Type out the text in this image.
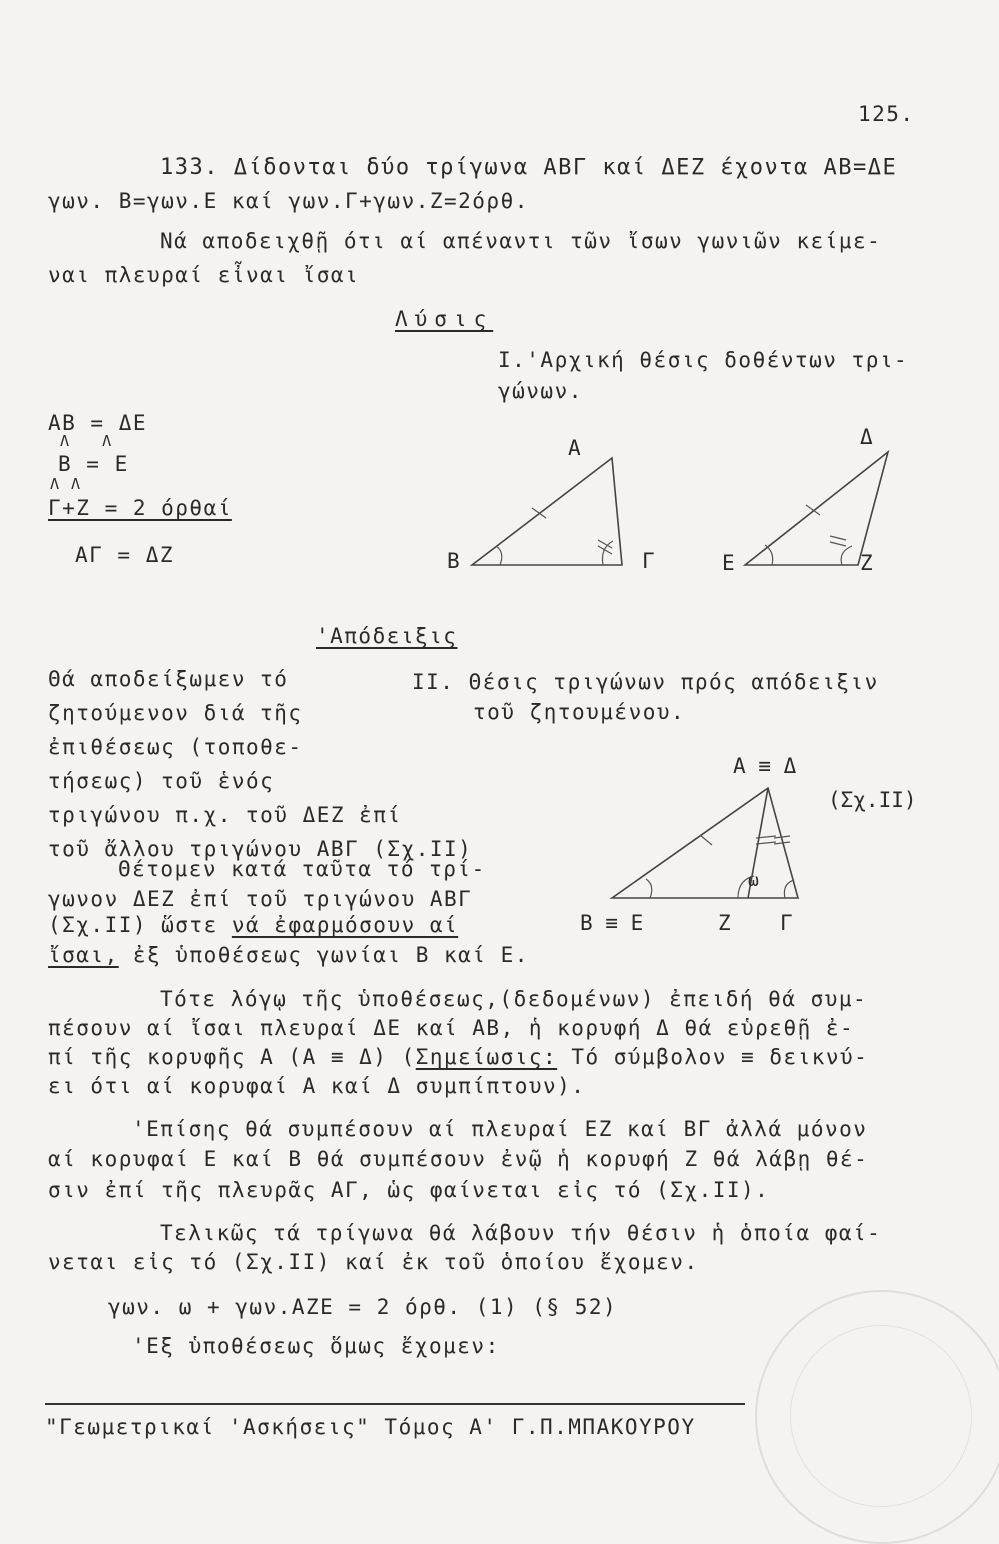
125.
133. Δίδονται δύο τρίγωνα ΑΒΓ καί ΔΕΖ έχοντα ΑΒ=ΔΕ
γων. Β=γων.Ε καί γων.Γ+γων.Ζ=2όρθ.
Νά αποδειχθῇ ότι αί απέναντι τῶν ἴσων γωνιῶν κείμε-
ναι πλευραί εἶναι ἴσαι
Λύσις
Ι.'Αρχική θέσις δοθέντων τρι-
γώνων.
ΑΒ = ΔΕ
Λ   Λ
Β = Ε
Λ Λ
Γ+Ζ = 2 όρθαί
ΑΓ = ΔΖ
Α
Β	Γ
Δ
Ε	Ζ
'Απόδειξις
Θά αποδείξωμεν τό
ζητούμενον διά τῆς
ἐπιθέσεως (τοποθε-
τήσεως) τοῦ ἑνός
τριγώνου π.χ. τοῦ ΔΕΖ ἐπί
τοῦ ἄλλου τριγώνου ΑΒΓ (Σχ.ΙΙ)
ΙΙ. Θέσις τριγώνων πρός απόδειξιν
τοῦ ζητουμένου.
ω
Α ≡ Δ
(Σχ.ΙΙ)
Β ≡ Ε	Ζ Γ
Θέτομεν κατά ταῦτα τό τρί-
γωνον ΔΕΖ ἐπί τοῦ τριγώνου ΑΒΓ
(Σχ.ΙΙ) ὥστε νά ἐφαρμόσουν αί
ἴσαι, ἐξ ὑποθέσεως γωνίαι Β καί Ε.
Τότε λόγῳ τῆς ὑποθέσεως,(δεδομένων) ἐπειδή θά συμ-
πέσουν αί ἴσαι πλευραί ΔΕ καί ΑΒ, ἡ κορυφή Δ θά εὑρεθῇ ἐ-
πί τῆς κορυφῆς Α (Α ≡ Δ) (Σημείωσις: Τό σύμβολον ≡ δεικνύ-
ει ότι αί κορυφαί Α καί Δ συμπίπτουν).
'Επίσης θά συμπέσουν αί πλευραί ΕΖ καί ΒΓ ἀλλά μόνον
αί κορυφαί Ε καί Β θά συμπέσουν ἐνῷ ἡ κορυφή Ζ θά λάβῃ θέ-
σιν ἐπί τῆς πλευρᾶς ΑΓ, ὡς φαίνεται εἰς τό (Σχ.ΙΙ).
Τελικῶς τά τρίγωνα θά λάβουν τήν θέσιν ἡ ὁποία φαί-
νεται εἰς τό (Σχ.ΙΙ) καί ἐκ τοῦ ὁποίου ἔχομεν.
γων. ω + γων.ΑΖΕ = 2 όρθ. (1) (§ 52)
'Εξ ὑποθέσεως ὅμως ἔχομεν:
"Γεωμετρικαί 'Ασκήσεις" Τόμος Α' Γ.Π.ΜΠΑΚΟΥΡΟΥ
